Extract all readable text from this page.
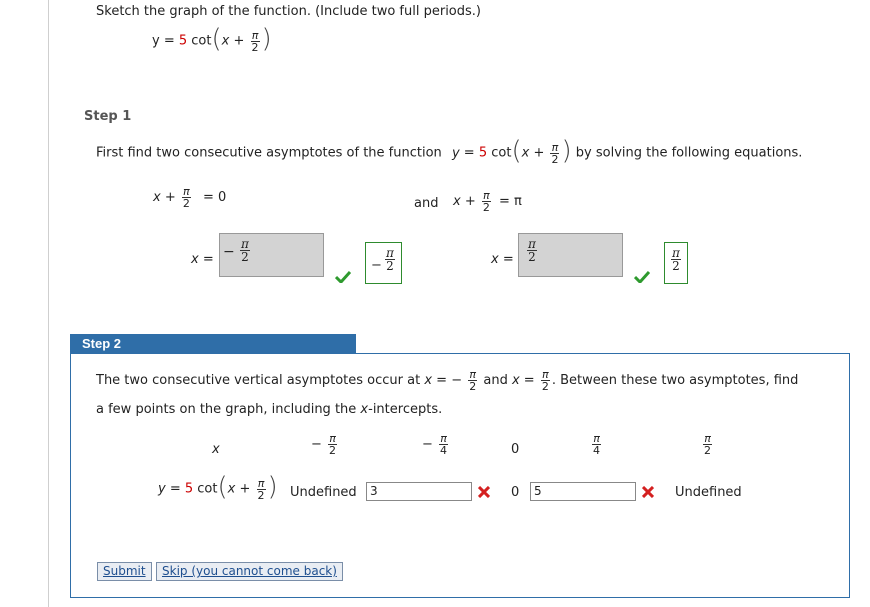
Sketch the graph of the function. (Include two full periods.)
y = 5 $\cot(x + \frac{\pi}{2}$ )
Step 1
First find two consecutive asymptotes of the function y = 5 $\cot(x + \frac{\pi}{2}$ ) by solving the following equations.
$x + \frac{\pi}{2} = 0$	and $x + \frac{\pi}{2} = \pi$
x = − $\frac{\pi}{2}$
− $\frac{\pi}{2}$	$x = \frac{\pi}{2}$	$\frac{\pi}{2}$
Step 2
The two consecutive vertical asymptotes occur at x = − $\frac{\pi}{2}$ and $x = \frac{\pi}{2}$ . Between these two asymptotes, find
a few points on the graph, including the x-intercepts.
x	− $\frac{\pi}{2}$	− $\frac{\pi}{4}$	0	$\frac{\pi}{4}$	$\frac{\pi}{2}$
y = 5 $\cot(x + \frac{\pi}{2}$ ) Undefined	3	0	5	Undefined
Submit	Skip (you cannot come back)
